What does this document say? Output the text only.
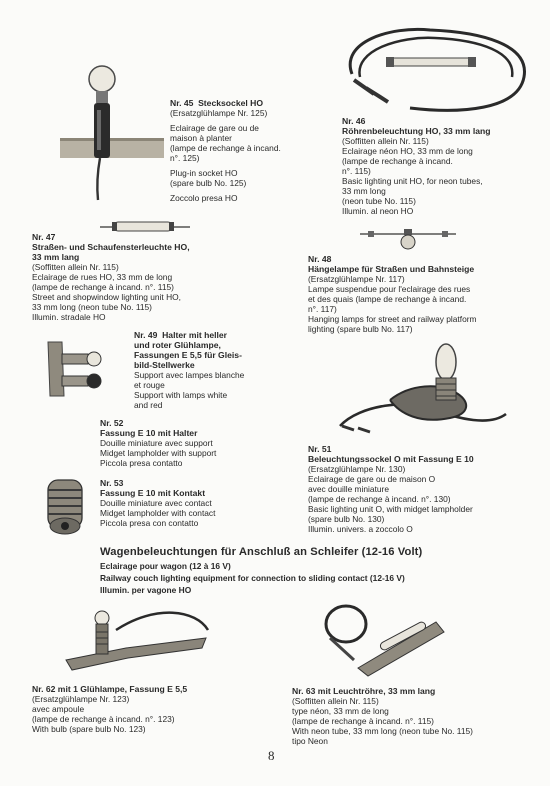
Nr. 45 Stecksockel HO

(Ersatzglühlampe Nr. 125)

Eclairage de gare ou de

maison à planter

(lampe de rechange à incand.

n°. 125)

Plug-in socket HO

(spare bulb No. 125)

Zoccolo presa HO

Nr. 46

Röhrenbeleuchtung HO, 33 mm lang

(Soffitten allein Nr. 115)

Eclairage néon HO, 33 mm de long

(lampe de rechange à incand.

n°. 115)

Basic lighting unit HO, for neon tubes,

33 mm long

(neon tube No. 115)

Illumin. al neon HO

Nr. 47

Straßen- und Schaufensterleuchte HO,

33 mm lang

(Soffitten allein Nr. 115)

Eclairage de rues HO, 33 mm de long

(lampe de rechange à incand. n°. 115)

Street and shopwindow lighting unit HO,

33 mm long (neon tube No. 115)

Illumin. stradale HO

Nr. 48

Hängelampe für Straßen und Bahnsteige

(Ersatzglühlampe Nr. 117)

Lampe suspendue pour l'eclairage des rues

et des quais (lampe de rechange à incand.

n°. 117)

Hanging lamps for street and railway platform

lighting (spare bulb No. 117)

Nr. 49 Halter mit heller

und roter Glühlampe,

Fassungen E 5,5 für Gleis-

bild-Stellwerke

Support avec lampes blanche

et rouge

Support with lamps white

and red

Nr. 52

Fassung E 10 mit Halter

Douille miniature avec support

Midget lampholder with support

Piccola presa contatto

Nr. 51

Beleuchtungssockel O mit Fassung E 10

(Ersatzglühlampe Nr. 130)

Eclairage de gare ou de maison O

avec douille miniature

(lampe de rechange à incand. n°. 130)

Basic lighting unit O, with midget lampholder

(spare bulb No. 130)

Illumin. univers. a zoccolo O

Nr. 53

Fassung E 10 mit Kontakt

Douille miniature avec contact

Midget lampholder with contact

Piccola presa con contatto

Wagenbeleuchtungen für Anschluß an Schleifer (12-16 Volt)
Eclairage pour wagon (12 à 16 V)
Railway couch lighting equipment for connection to sliding contact (12-16 V)
Illumin. per vagone HO

Nr. 62 mit 1 Glühlampe, Fassung E 5,5

(Ersatzglühlampe Nr. 123)

avec ampoule

(lampe de rechange à incand. n°. 123)

With bulb (spare bulb No. 123)

Nr. 63 mit Leuchtröhre, 33 mm lang

(Soffitten allein Nr. 115)

type néon, 33 mm de long

(lampe de rechange à incand. n°. 115)

With neon tube, 33 mm long (neon tube No. 115)

tipo Neon

8
